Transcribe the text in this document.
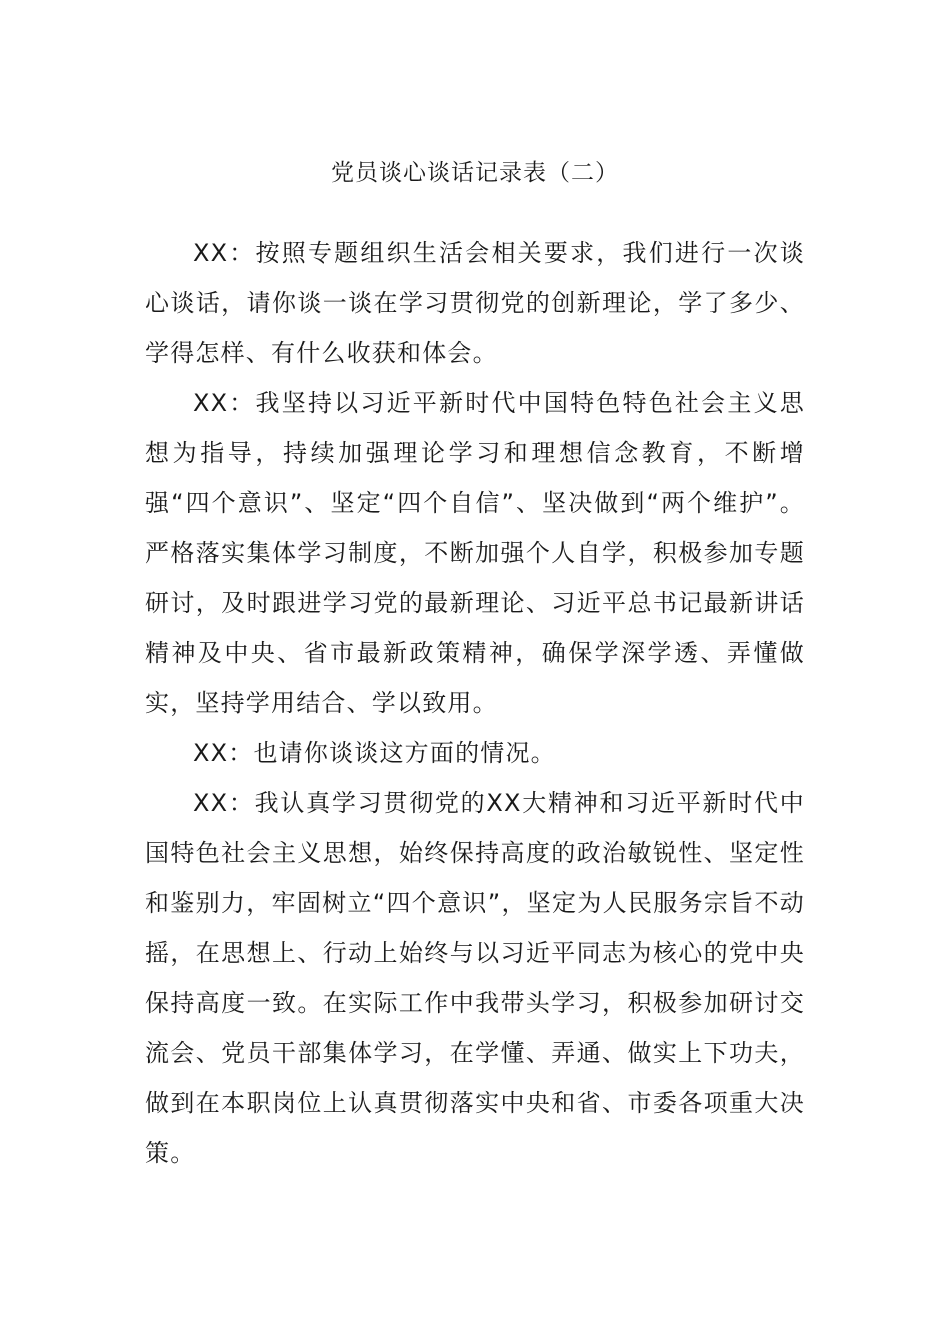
党员谈心谈话记录表（二）

XX：按照专题组织生活会相关要求，我们进行一次谈心谈话，请你谈一谈在学习贯彻党的创新理论，学了多少、学得怎样、有什么收获和体会。

XX：我坚持以习近平新时代中国特色特色社会主义思想为指导，持续加强理论学习和理想信念教育，不断增强“四个意识”、坚定“四个自信”、坚决做到“两个维护”。严格落实集体学习制度，不断加强个人自学，积极参加专题研讨，及时跟进学习党的最新理论、习近平总书记最新讲话精神及中央、省市最新政策精神，确保学深学透、弄懂做实，坚持学用结合、学以致用。

XX：也请你谈谈这方面的情况。

XX：我认真学习贯彻党的XX大精神和习近平新时代中国特色社会主义思想，始终保持高度的政治敏锐性、坚定性和鉴别力，牢固树立“四个意识”，坚定为人民服务宗旨不动摇，在思想上、行动上始终与以习近平同志为核心的党中央保持高度一致。在实际工作中我带头学习，积极参加研讨交流会、党员干部集体学习，在学懂、弄通、做实上下功夫，做到在本职岗位上认真贯彻落实中央和省、市委各项重大决策。
